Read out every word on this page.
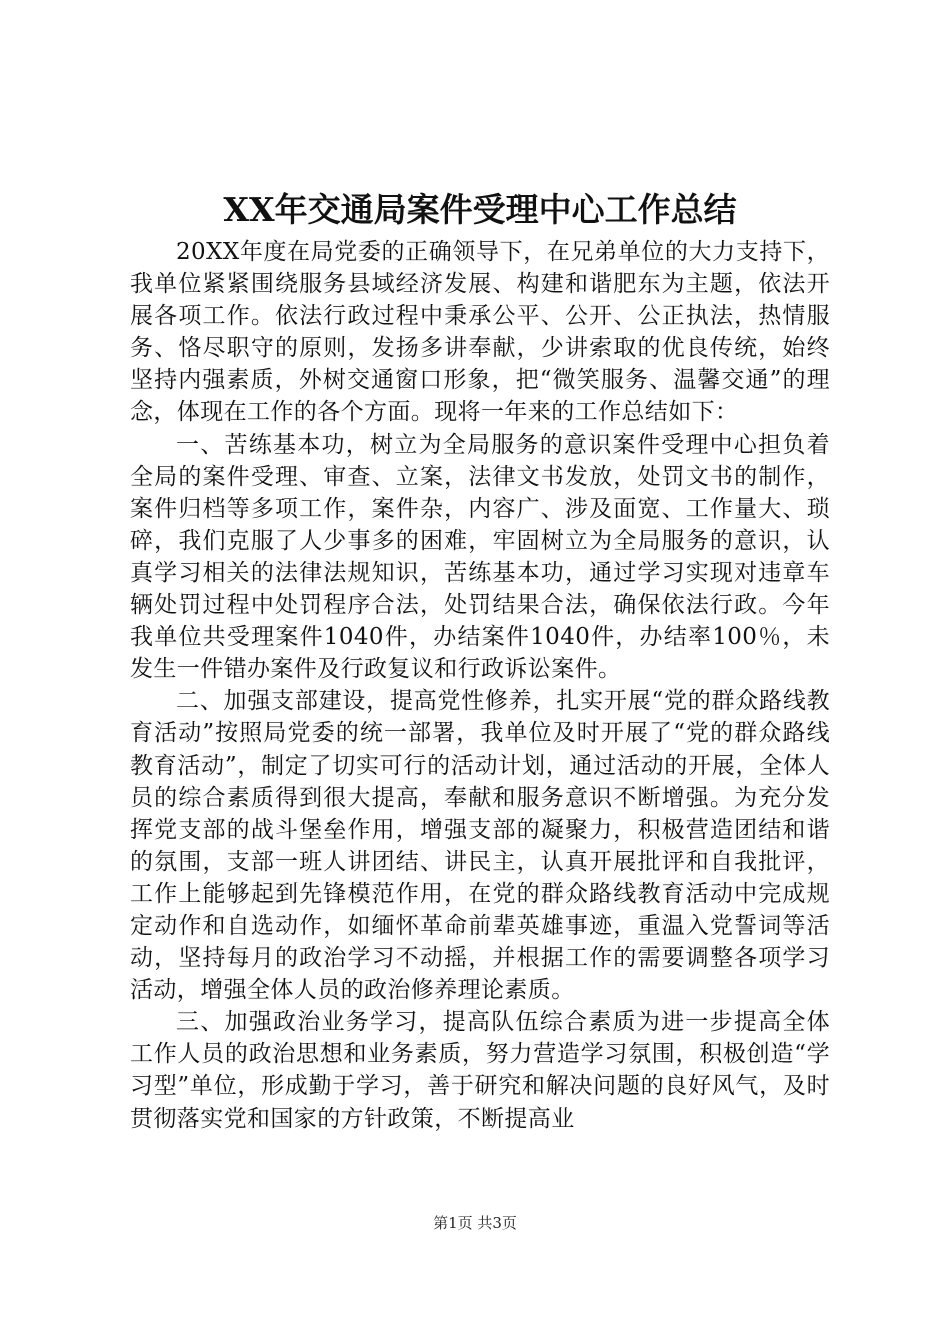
XX年交通局案件受理中心工作总结

20XX年度在局党委的正确领导下，在兄弟单位的大力支持下，我单位紧紧围绕服务县域经济发展、构建和谐肥东为主题，依法开展各项工作。依法行政过程中秉承公平、公开、公正执法，热情服务、恪尽职守的原则，发扬多讲奉献，少讲索取的优良传统，始终坚持内强素质，外树交通窗口形象，把“微笑服务、温馨交通”的理念，体现在工作的各个方面。现将一年来的工作总结如下：

一、苦练基本功，树立为全局服务的意识案件受理中心担负着全局的案件受理、审查、立案，法律文书发放，处罚文书的制作，案件归档等多项工作，案件杂，内容广、涉及面宽、工作量大、琐碎，我们克服了人少事多的困难，牢固树立为全局服务的意识，认真学习相关的法律法规知识，苦练基本功，通过学习实现对违章车辆处罚过程中处罚程序合法，处罚结果合法，确保依法行政。今年我单位共受理案件1040件，办结案件1040件，办结率100％，未发生一件错办案件及行政复议和行政诉讼案件。

二、加强支部建设，提高党性修养，扎实开展“党的群众路线教育活动”按照局党委的统一部署，我单位及时开展了“党的群众路线教育活动”，制定了切实可行的活动计划，通过活动的开展，全体人员的综合素质得到很大提高，奉献和服务意识不断增强。为充分发挥党支部的战斗堡垒作用，增强支部的凝聚力，积极营造团结和谐的氛围，支部一班人讲团结、讲民主，认真开展批评和自我批评，工作上能够起到先锋模范作用，在党的群众路线教育活动中完成规定动作和自选动作，如缅怀革命前辈英雄事迹，重温入党誓词等活动，坚持每月的政治学习不动摇，并根据工作的需要调整各项学习活动，增强全体人员的政治修养理论素质。

三、加强政治业务学习，提高队伍综合素质为进一步提高全体工作人员的政治思想和业务素质，努力营造学习氛围，积极创造“学习型”单位，形成勤于学习，善于研究和解决问题的良好风气，及时贯彻落实党和国家的方针政策，不断提高业

第1页 共3页
